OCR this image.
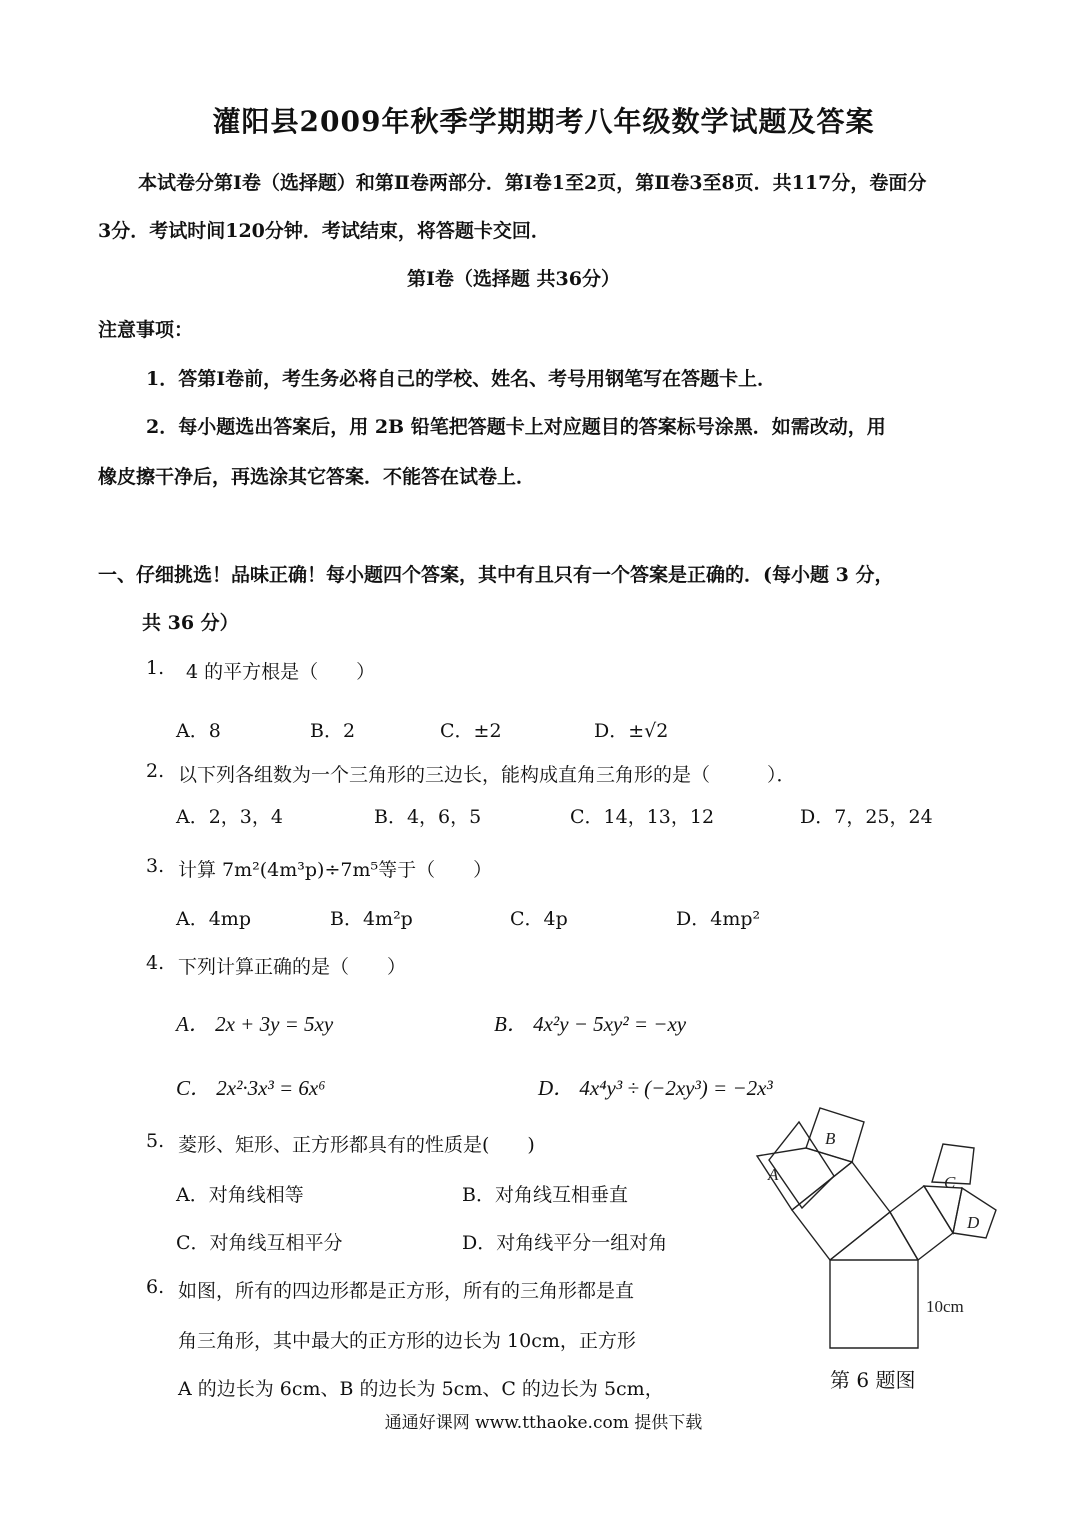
灌阳县2009年秋季学期期考八年级数学试题及答案
本试卷分第Ⅰ卷（选择题）和第Ⅱ卷两部分．第Ⅰ卷1至2页，第Ⅱ卷3至8页．共117分，卷面分
3分．考试时间120分钟．考试结束，将答题卡交回．
第Ⅰ卷（选择题 共36分）
注意事项：
1．答第Ⅰ卷前，考生务必将自己的学校、姓名、考号用钢笔写在答题卡上．
2．每小题选出答案后，用 2B 铅笔把答题卡上对应题目的答案标号涂黑．如需改动，用
橡皮擦干净后，再选涂其它答案．不能答在试卷上．
一、仔细挑选！品味正确！每小题四个答案，其中有且只有一个答案是正确的．(每小题 3 分，
共 36 分）
1. 4 的平方根是（　　）
A．8	B．2	C．±2	D．±√2
2. 以下列各组数为一个三角形的三边长，能构成直角三角形的是（　　　）．
A．2，3，4	B．4，6，5	C．14，13，12	D．7，25，24
3. 计算 7m²(4m³p)÷7m⁵等于（　　）
A．4mp	B．4m²p	C．4p	D．4mp²
4. 下列计算正确的是（　　）
A． 2x + 3y = 5xy	B． 4x²y − 5xy² = −xy
C． 2x²·3x³ = 6x⁶	D． 4x⁴y³ ÷ (−2xy³) = −2x³
5. 菱形、矩形、正方形都具有的性质是(　　)
A．对角线相等	B．对角线互相垂直
C．对角线互相平分	D．对角线平分一组对角
6. 如图，所有的四边形都是正方形，所有的三角形都是直
角三角形，其中最大的正方形的边长为 10cm，正方形
A 的边长为 6cm、B 的边长为 5cm、C 的边长为 5cm，
A
B
C
D
10cm
第 6 题图
通通好课网 www.tthaoke.com 提供下载
